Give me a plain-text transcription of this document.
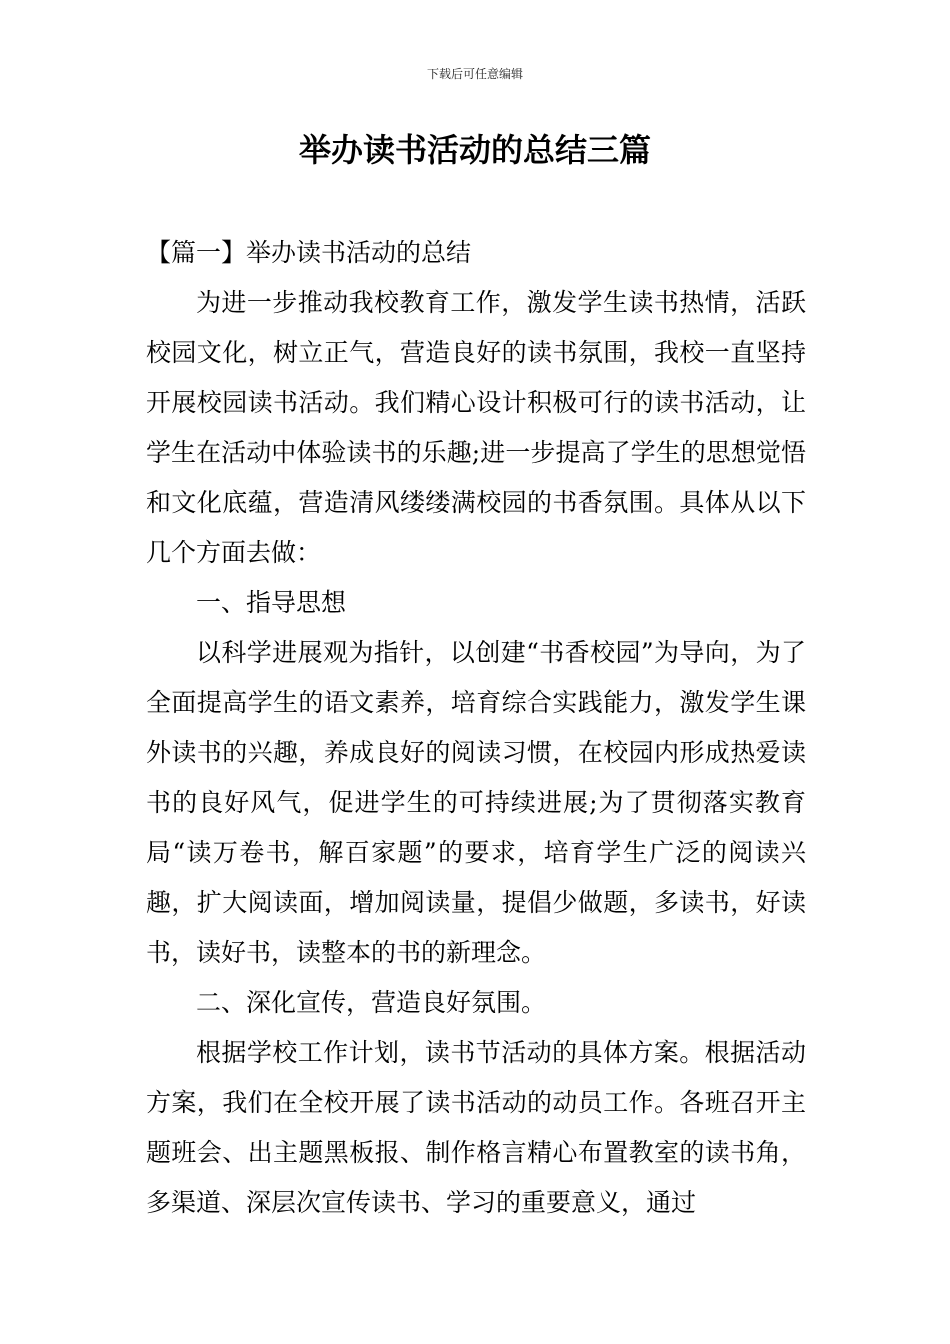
下载后可任意编辑
举办读书活动的总结三篇

【篇一】举办读书活动的总结

为进一步推动我校教育工作，激发学生读书热情，活跃校园文化，树立正气，营造良好的读书氛围，我校一直坚持开展校园读书活动。我们精心设计积极可行的读书活动，让学生在活动中体验读书的乐趣;进一步提高了学生的思想觉悟和文化底蕴，营造清风缕缕满校园的书香氛围。具体从以下几个方面去做：

一、指导思想

以科学进展观为指针，以创建“书香校园”为导向，为了全面提高学生的语文素养，培育综合实践能力，激发学生课外读书的兴趣，养成良好的阅读习惯，在校园内形成热爱读书的良好风气，促进学生的可持续进展;为了贯彻落实教育局“读万卷书，解百家题”的要求，培育学生广泛的阅读兴趣，扩大阅读面，增加阅读量，提倡少做题，多读书，好读书，读好书，读整本的书的新理念。

二、深化宣传，营造良好氛围。

根据学校工作计划，读书节活动的具体方案。根据活动方案，我们在全校开展了读书活动的动员工作。各班召开主题班会、出主题黑板报、制作格言精心布置教室的读书角，多渠道、深层次宣传读书、学习的重要意义，通过
